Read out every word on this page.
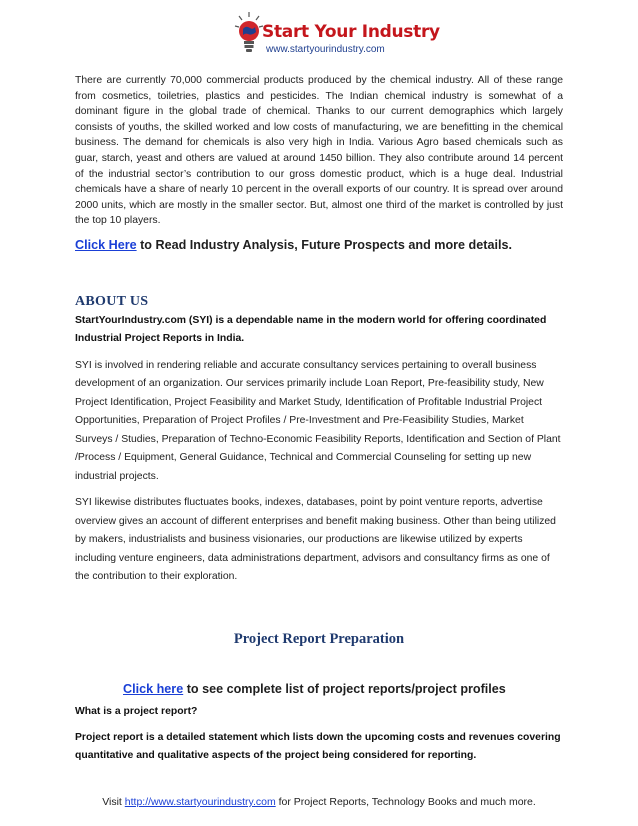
Start Your Industry
www.startyourindustry.com

There are currently 70,000 commercial products produced by the chemical industry. All of these range from cosmetics, toiletries, plastics and pesticides. The Indian chemical industry is somewhat of a dominant figure in the global trade of chemical. Thanks to our current demographics which largely consists of youths, the skilled worked and low costs of manufacturing, we are benefitting in the chemical business. The demand for chemicals is also very high in India. Various Agro based chemicals such as guar, starch, yeast and others are valued at around 1450 billion. They also contribute around 14 percent of the industrial sector’s contribution to our gross domestic product, which is a huge deal. Industrial chemicals have a share of nearly 10 percent in the overall exports of our country. It is spread over around 2000 units, which are mostly in the smaller sector. But, almost one third of the market is controlled by just the top 10 players.

Click Here to Read Industry Analysis, Future Prospects and more details.
ABOUT US

StartYourIndustry.com (SYI) is a dependable name in the modern world for offering coordinated Industrial Project Reports in India.

SYI is involved in rendering reliable and accurate consultancy services pertaining to overall business development of an organization. Our services primarily include Loan Report, Pre-feasibility study, New Project Identification, Project Feasibility and Market Study, Identification of Profitable Industrial Project Opportunities, Preparation of Project Profiles / Pre-Investment and Pre-Feasibility Studies, Market Surveys / Studies, Preparation of Techno-Economic Feasibility Reports, Identification and Section of Plant /Process / Equipment, General Guidance, Technical and Commercial Counseling for setting up new industrial projects.

SYI likewise distributes fluctuates books, indexes, databases, point by point venture reports, advertise overview gives an account of different enterprises and benefit making business. Other than being utilized by makers, industrialists and business visionaries, our productions are likewise utilized by experts including venture engineers, data administrations department, advisors and consultancy firms as one of the contribution to their exploration.

Project Report Preparation
Click here to see complete list of project reports/project profiles
What is a project report?

Project report is a detailed statement which lists down the upcoming costs and revenues covering quantitative and qualitative aspects of the project being considered for reporting.

Visit http://www.startyourindustry.com for Project Reports, Technology Books and much more.
